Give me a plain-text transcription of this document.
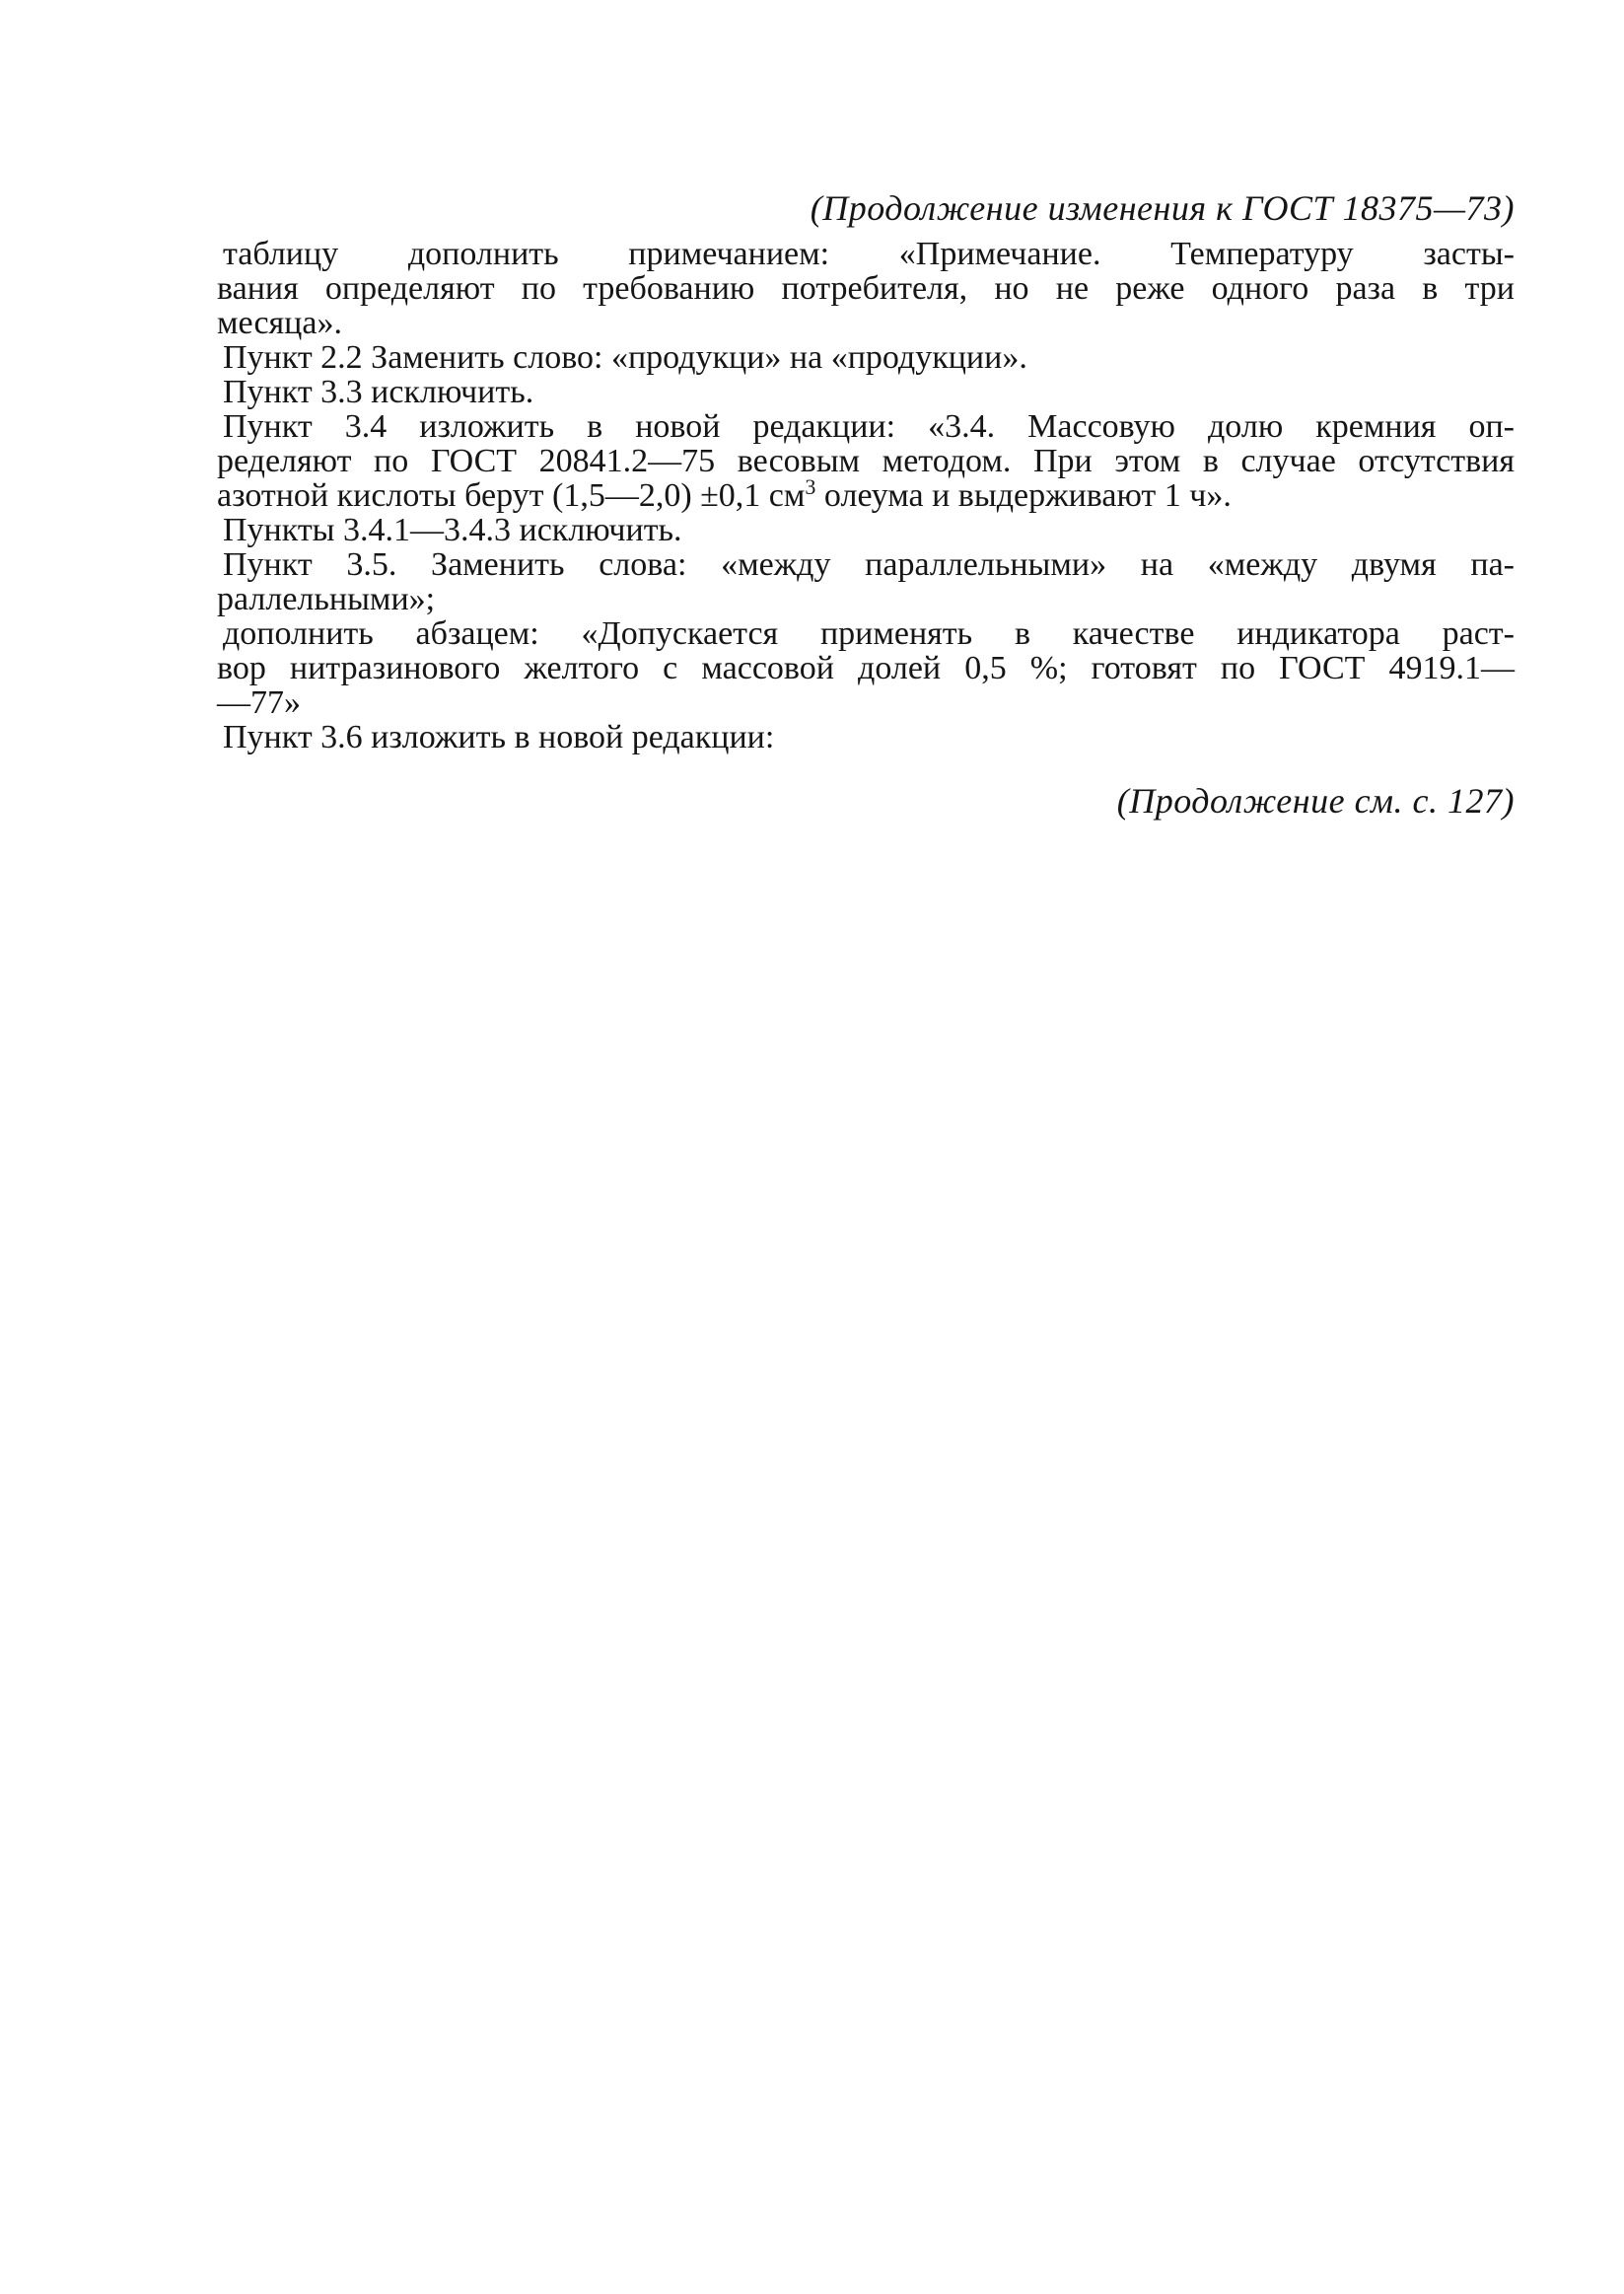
(Продолжение изменения к ГОСТ 18375—73)
таблицу дополнить примечанием: «Примечание. Температуру засты-
вания определяют по требованию потребителя, но не реже одного раза в три
месяца».
Пункт 2.2 Заменить слово: «продукци» на «продукции».
Пункт 3.3 исключить.
Пункт 3.4 изложить в новой редакции: «3.4. Массовую долю кремния оп-
ределяют по ГОСТ 20841.2—75 весовым методом. При этом в случае отсутствия
азотной кислоты берут (1,5—2,0) ±0,1 $см^3$ олеума и выдерживают 1 ч».
Пункты 3.4.1—3.4.3 исключить.
Пункт 3.5. Заменить слова: «между параллельными» на «между двумя па-
раллельными»;
дополнить абзацем: «Допускается применять в качестве индикатора раст-
вор нитразинового желтого с массовой долей 0,5 %; готовят по ГОСТ 4919.1—
—77»
Пункт 3.6 изложить в новой редакции:
(Продолжение см. с. 127)
